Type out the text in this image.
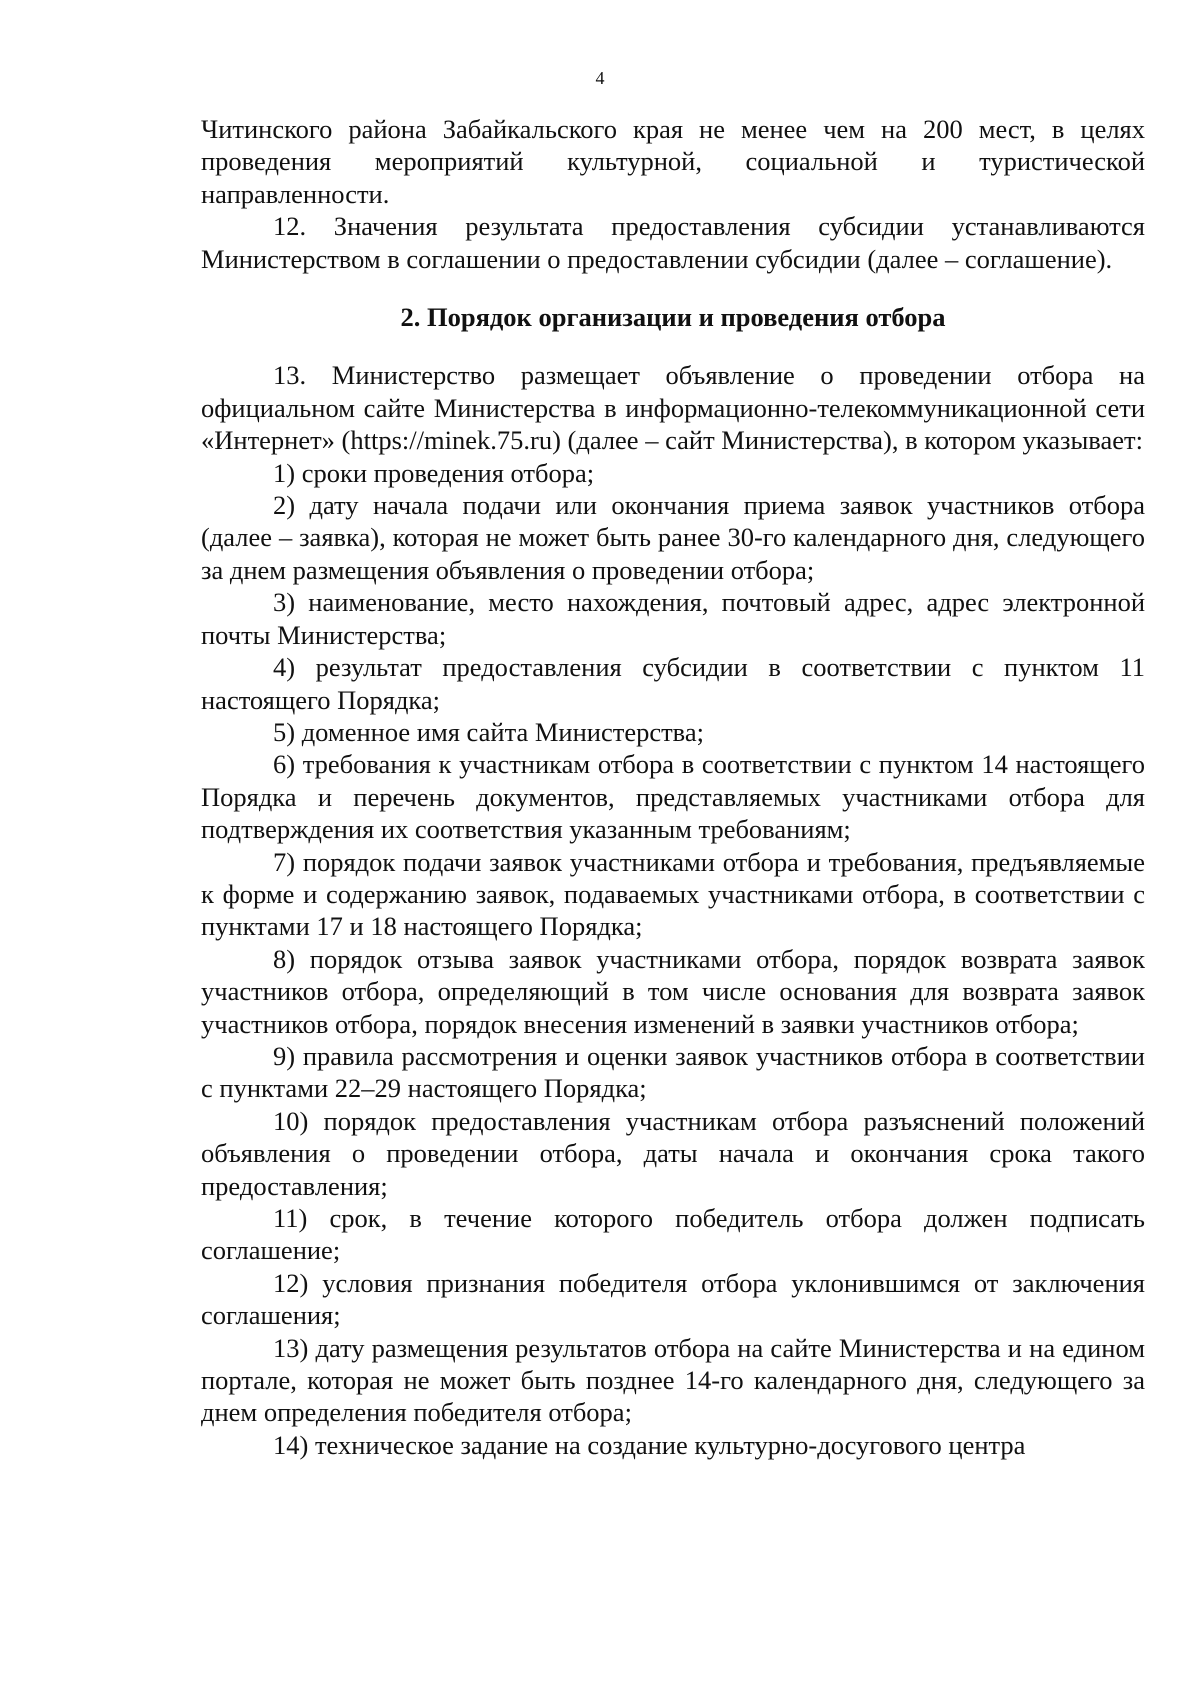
4

Читинского района Забайкальского края не менее чем на 200 мест, в целях проведения мероприятий культурной, социальной и туристической направленности.

12. Значения результата предоставления субсидии устанавливаются Министерством в соглашении о предоставлении субсидии (далее – соглашение).

2. Порядок организации и проведения отбора

13. Министерство размещает объявление о проведении отбора на официальном сайте Министерства в информационно-телекоммуникационной сети «Интернет» (https://minek.75.ru) (далее – сайт Министерства), в котором указывает:

1) сроки проведения отбора;

2) дату начала подачи или окончания приема заявок участников отбора (далее – заявка), которая не может быть ранее 30-го календарного дня, следующего за днем размещения объявления о проведении отбора;

3) наименование, место нахождения, почтовый адрес, адрес электронной почты Министерства;

4) результат предоставления субсидии в соответствии с пунктом 11 настоящего Порядка;

5) доменное имя сайта Министерства;

6) требования к участникам отбора в соответствии с пунктом 14 настоящего Порядка и перечень документов, представляемых участниками отбора для подтверждения их соответствия указанным требованиям;

7) порядок подачи заявок участниками отбора и требования, предъявляемые к форме и содержанию заявок, подаваемых участниками отбора, в соответствии с пунктами 17 и 18 настоящего Порядка;

8) порядок отзыва заявок участниками отбора, порядок возврата заявок участников отбора, определяющий в том числе основания для возврата заявок участников отбора, порядок внесения изменений в заявки участников отбора;

9) правила рассмотрения и оценки заявок участников отбора в соответствии с пунктами 22–29 настоящего Порядка;

10) порядок предоставления участникам отбора разъяснений положений объявления о проведении отбора, даты начала и окончания срока такого предоставления;

11) срок, в течение которого победитель отбора должен подписать соглашение;

12) условия признания победителя отбора уклонившимся от заключения соглашения;

13) дату размещения результатов отбора на сайте Министерства и на едином портале, которая не может быть позднее 14-го календарного дня, следующего за днем определения победителя отбора;

14) техническое задание на создание культурно-досугового центра
